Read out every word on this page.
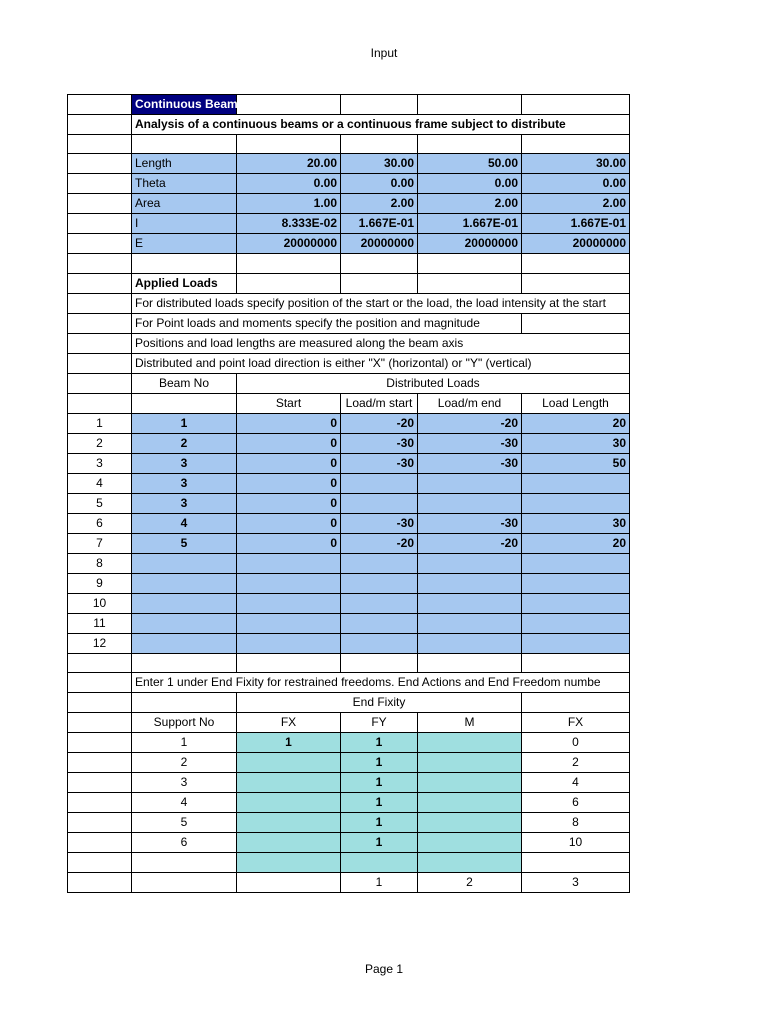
Input
	Continuous Beam Analysis				
	Analysis of a continuous beams or a continuous frame subject to distribute				

	Length	20.00	30.00	50.00	30.00
	Theta	0.00	0.00	0.00	0.00
	Area	1.00	2.00	2.00	2.00
	I	8.333E-02	1.667E-01	1.667E-01	1.667E-01
	E	20000000	20000000	20000000	20000000

	Applied Loads				
	For distributed loads specify position of the start or the load, the load intensity at the start				
	For Point loads and moments specify the position and magnitude				
	Positions and load lengths are measured along the beam axis				
	Distributed and point load direction is either "X" (horizontal) or "Y" (vertical)				
	Beam No	Distributed Loads			
		Start	Load/m start	Load/m end	Load Length
1	1	0	-20	-20	20
2	2	0	-30	-30	30
3	3	0	-30	-30	50
4	3	0			
5	3	0			
6	4	0	-30	-30	30
7	5	0	-20	-20	20
8					
9					
10					
11					
12					

	Enter 1 under End Fixity for restrained freedoms. End Actions and End Freedom numbe				
		End Fixity			
	Support No	FX	FY	M	FX
	1	1	1		0
	2		1		2
	3		1		4
	4		1		6
	5		1		8
	6		1		10

			1	2	3
Page 1
